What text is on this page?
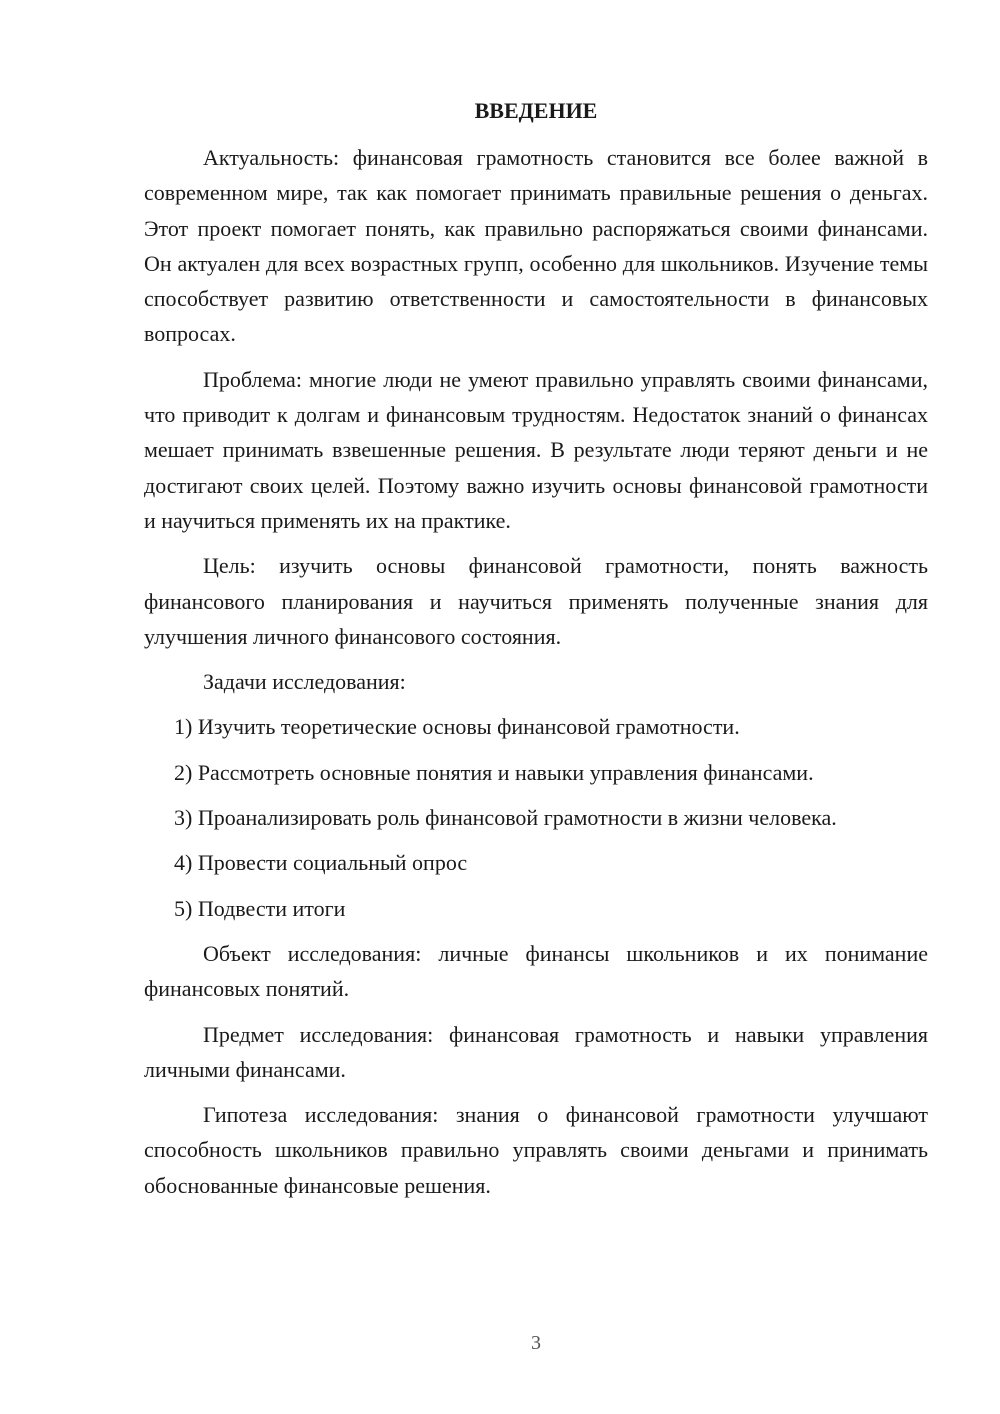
ВВЕДЕНИЕ

Актуальность: финансовая грамотность становится все более важной в современном мире, так как помогает принимать правильные решения о деньгах. Этот проект помогает понять, как правильно распоряжаться своими финансами. Он актуален для всех возрастных групп, особенно для школьников. Изучение темы способствует развитию ответственности и самостоятельности в финансовых вопросах.

Проблема: многие люди не умеют правильно управлять своими финансами, что приводит к долгам и финансовым трудностям. Недостаток знаний о финансах мешает принимать взвешенные решения. В результате люди теряют деньги и не достигают своих целей. Поэтому важно изучить основы финансовой грамотности и научиться применять их на практике.

Цель: изучить основы финансовой грамотности, понять важность финансового планирования и научиться применять полученные знания для улучшения личного финансового состояния.

Задачи исследования:

1) Изучить теоретические основы финансовой грамотности.

2) Рассмотреть основные понятия и навыки управления финансами.

3) Проанализировать роль финансовой грамотности в жизни человека.

4) Провести социальный опрос

5) Подвести итоги

Объект исследования: личные финансы школьников и их понимание финансовых понятий.

Предмет исследования: финансовая грамотность и навыки управления личными финансами.

Гипотеза исследования: знания о финансовой грамотности улучшают способность школьников правильно управлять своими деньгами и принимать обоснованные финансовые решения.

3
